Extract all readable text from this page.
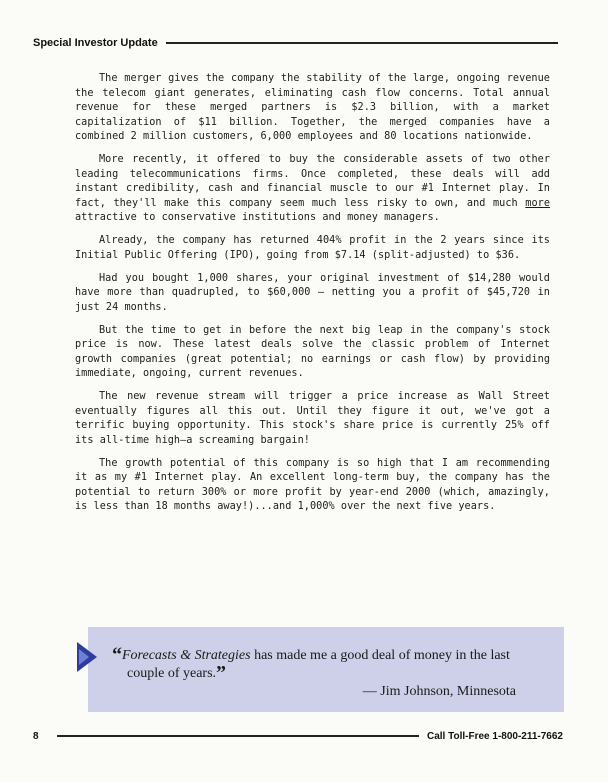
Special Investor Update

The merger gives the company the stability of the large, ongoing revenue the telecom giant generates, eliminating cash flow concerns. Total annual revenue for these merged partners is $2.3 billion, with a market capitalization of $11 billion. Together, the merged companies have a combined 2 million customers, 6,000 employees and 80 locations nationwide.

More recently, it offered to buy the considerable assets of two other leading telecommunications firms. Once completed, these deals will add instant credibility, cash and financial muscle to our #1 Internet play. In fact, they'll make this company seem much less risky to own, and much more attractive to conservative institutions and money managers.

Already, the company has returned 404% profit in the 2 years since its Initial Public Offering (IPO), going from $7.14 (split-adjusted) to $36.

Had you bought 1,000 shares, your original investment of $14,280 would have more than quadrupled, to $60,000 — netting you a profit of $45,720 in just 24 months.

But the time to get in before the next big leap in the company's stock price is now. These latest deals solve the classic problem of Internet growth companies (great potential; no earnings or cash flow) by providing immediate, ongoing, current revenues.

The new revenue stream will trigger a price increase as Wall Street eventually figures all this out. Until they figure it out, we've got a terrific buying opportunity. This stock's share price is currently 25% off its all-time high—a screaming bargain!

The growth potential of this company is so high that I am recommending it as my #1 Internet play. An excellent long-term buy, the company has the potential to return 300% or more profit by year-end 2000 (which, amazingly, is less than 18 months away!)...and 1,000% over the next five years.

“Forecasts & Strategies has made me a good deal of money in the last
couple of years.”
— Jim Johnson, Minnesota
8	Call Toll-Free 1-800-211-7662
